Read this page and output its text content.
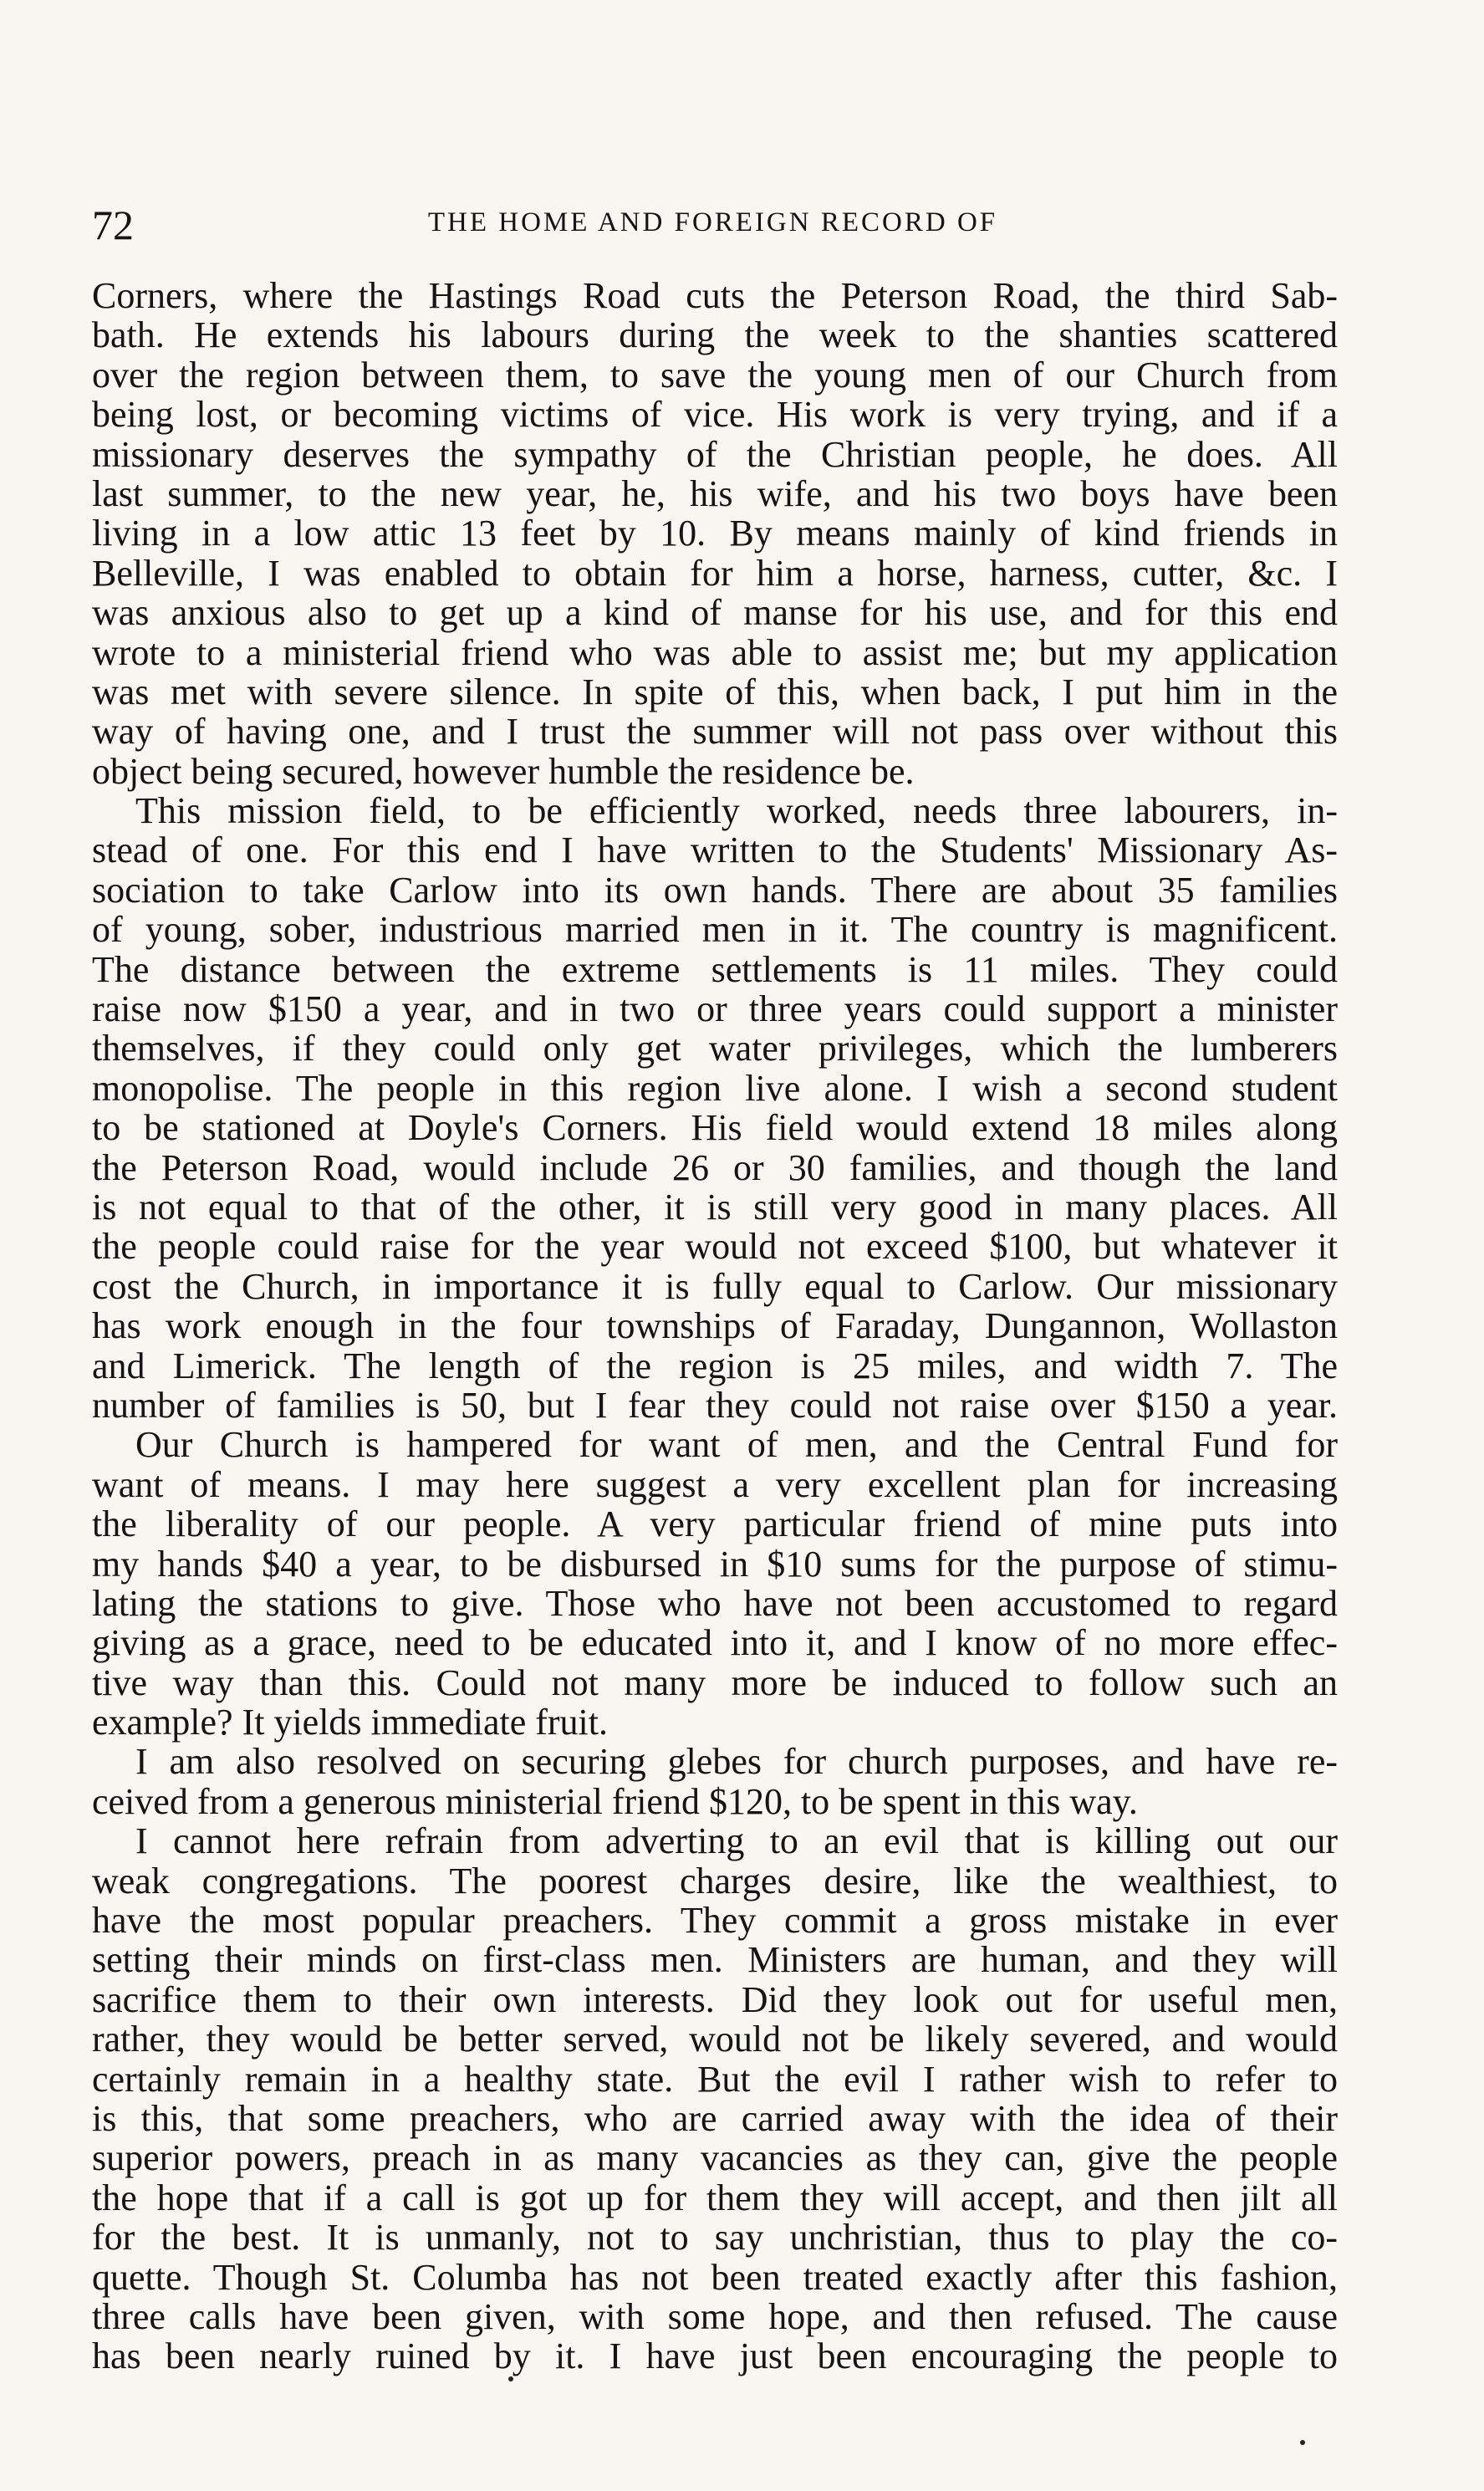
72	THE HOME AND FOREIGN RECORD OF
Corners, where the Hastings Road cuts the Peterson Road, the third Sab-
bath. He extends his labours during the week to the shanties scattered
over the region between them, to save the young men of our Church from
being lost, or becoming victims of vice. His work is very trying, and if a
missionary deserves the sympathy of the Christian people, he does. All
last summer, to the new year, he, his wife, and his two boys have been
living in a low attic 13 feet by 10. By means mainly of kind friends in
Belleville, I was enabled to obtain for him a horse, harness, cutter, &c. I
was anxious also to get up a kind of manse for his use, and for this end
wrote to a ministerial friend who was able to assist me; but my application
was met with severe silence. In spite of this, when back, I put him in the
way of having one, and I trust the summer will not pass over without this
object being secured, however humble the residence be.
This mission field, to be efficiently worked, needs three labourers, in-
stead of one. For this end I have written to the Students' Missionary As-
sociation to take Carlow into its own hands. There are about 35 families
of young, sober, industrious married men in it. The country is magnificent.
The distance between the extreme settlements is 11 miles. They could
raise now $150 a year, and in two or three years could support a minister
themselves, if they could only get water privileges, which the lumberers
monopolise. The people in this region live alone. I wish a second student
to be stationed at Doyle's Corners. His field would extend 18 miles along
the Peterson Road, would include 26 or 30 families, and though the land
is not equal to that of the other, it is still very good in many places. All
the people could raise for the year would not exceed $100, but whatever it
cost the Church, in importance it is fully equal to Carlow. Our missionary
has work enough in the four townships of Faraday, Dungannon, Wollaston
and Limerick. The length of the region is 25 miles, and width 7. The
number of families is 50, but I fear they could not raise over $150 a year.
Our Church is hampered for want of men, and the Central Fund for
want of means. I may here suggest a very excellent plan for increasing
the liberality of our people. A very particular friend of mine puts into
my hands $40 a year, to be disbursed in $10 sums for the purpose of stimu-
lating the stations to give. Those who have not been accustomed to regard
giving as a grace, need to be educated into it, and I know of no more effec-
tive way than this. Could not many more be induced to follow such an
example? It yields immediate fruit.
I am also resolved on securing glebes for church purposes, and have re-
ceived from a generous ministerial friend $120, to be spent in this way.
I cannot here refrain from adverting to an evil that is killing out our
weak congregations. The poorest charges desire, like the wealthiest, to
have the most popular preachers. They commit a gross mistake in ever
setting their minds on first-class men. Ministers are human, and they will
sacrifice them to their own interests. Did they look out for useful men,
rather, they would be better served, would not be likely severed, and would
certainly remain in a healthy state. But the evil I rather wish to refer to
is this, that some preachers, who are carried away with the idea of their
superior powers, preach in as many vacancies as they can, give the people
the hope that if a call is got up for them they will accept, and then jilt all
for the best. It is unmanly, not to say unchristian, thus to play the co-
quette. Though St. Columba has not been treated exactly after this fashion,
three calls have been given, with some hope, and then refused. The cause
has been nearly ruined by it. I have just been encouraging the people to
